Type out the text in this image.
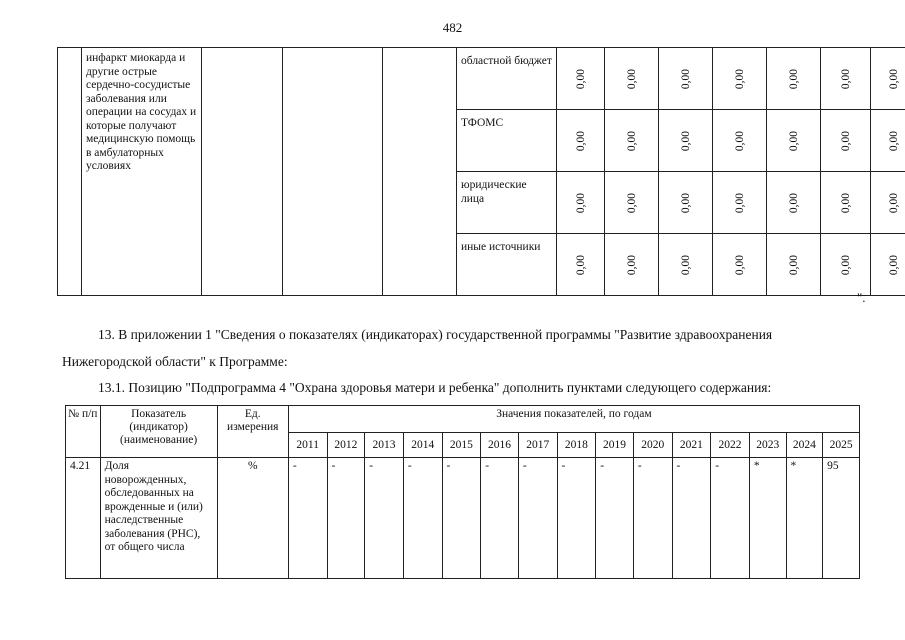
482
	инфаркт миокарда и другие острые сердечно-сосудистые заболевания или операции на сосудах и которые получают медицинскую помощь в амбулаторных условиях				областной бюджет	0,00	0,00	0,00	0,00	0,00	0,00	0,00

					ТФОМС	0,00	0,00	0,00	0,00	0,00	0,00	0,00

					юридические лица	0,00	0,00	0,00	0,00	0,00	0,00	0,00

					иные источники	0,00	0,00	0,00	0,00	0,00	0,00	0,00
".
13. В приложении 1 "Сведения о показателях (индикаторах) государственной программы "Развитие здравоохранения
Нижегородской области" к Программе:
13.1. Позицию "Подпрограмма 4 "Охрана здоровья матери и ребенка" дополнить пунктами следующего содержания:
№ п/п	Показатель (индикатор) (наименование)	Ед. измерения	Значения показателей, по годам														
			2011	2012	2013	2014	2015	2016	2017	2018	2019	2020	2021	2022	2023	2024	2025
4.21	Доля новорожденных, обследованных на врожденные и (или) наследственные заболевания (РНС), от общего числа	%	-	-	-	-	-	-	-	-	-	-	-	-	*	*	95
